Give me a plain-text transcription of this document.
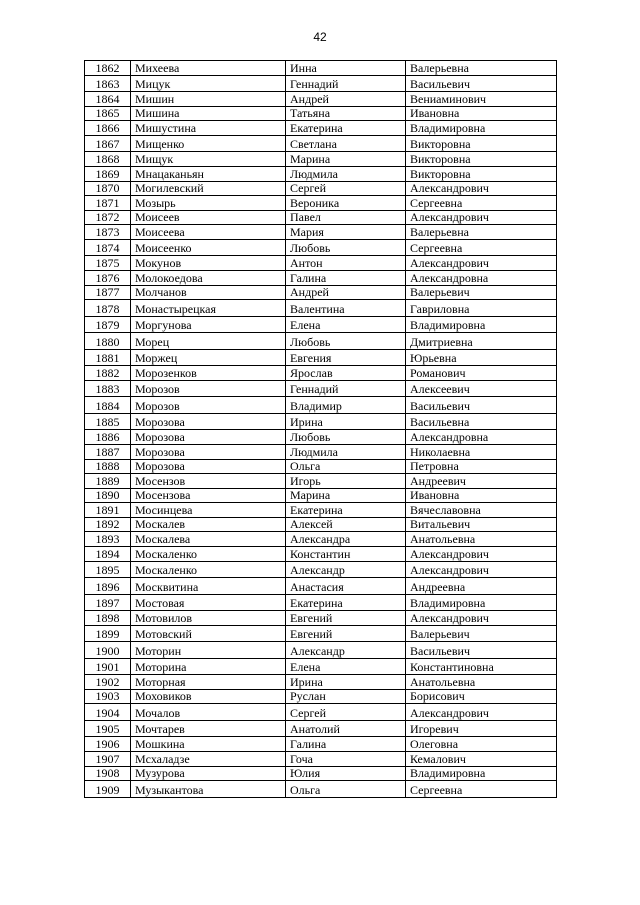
42
1862	Михеева	Инна	Валерьевна
1863	Мицук	Геннадий	Васильевич
1864	Мишин	Андрей	Вениаминович
1865	Мишина	Татьяна	Ивановна
1866	Мишустина	Екатерина	Владимировна
1867	Мищенко	Светлана	Викторовна
1868	Мищук	Марина	Викторовна
1869	Мнацаканьян	Людмила	Викторовна
1870	Могилевский	Сергей	Александрович
1871	Мозырь	Вероника	Сергеевна
1872	Моисеев	Павел	Александрович
1873	Моисеева	Мария	Валерьевна
1874	Моисеенко	Любовь	Сергеевна
1875	Мокунов	Антон	Александрович
1876	Молокоедова	Галина	Александровна
1877	Молчанов	Андрей	Валерьевич
1878	Монастырецкая	Валентина	Гавриловна
1879	Моргунова	Елена	Владимировна
1880	Морец	Любовь	Дмитриевна
1881	Моржец	Евгения	Юрьевна
1882	Морозенков	Ярослав	Романович
1883	Морозов	Геннадий	Алексеевич
1884	Морозов	Владимир	Васильевич
1885	Морозова	Ирина	Васильевна
1886	Морозова	Любовь	Александровна
1887	Морозова	Людмила	Николаевна
1888	Морозова	Ольга	Петровна
1889	Мосензов	Игорь	Андреевич
1890	Мосензова	Марина	Ивановна
1891	Мосинцева	Екатерина	Вячеславовна
1892	Москалев	Алексей	Витальевич
1893	Москалева	Александра	Анатольевна
1894	Москаленко	Константин	Александрович
1895	Москаленко	Александр	Александрович
1896	Москвитина	Анастасия	Андреевна
1897	Мостовая	Екатерина	Владимировна
1898	Мотовилов	Евгений	Александрович
1899	Мотовский	Евгений	Валерьевич
1900	Моторин	Александр	Васильевич
1901	Моторина	Елена	Константиновна
1902	Моторная	Ирина	Анатольевна
1903	Моховиков	Руслан	Борисович
1904	Мочалов	Сергей	Александрович
1905	Мочтарев	Анатолий	Игоревич
1906	Мошкина	Галина	Олеговна
1907	Мсхаладзе	Гоча	Кемалович
1908	Музурова	Юлия	Владимировна
1909	Музыкантова	Ольга	Сергеевна
